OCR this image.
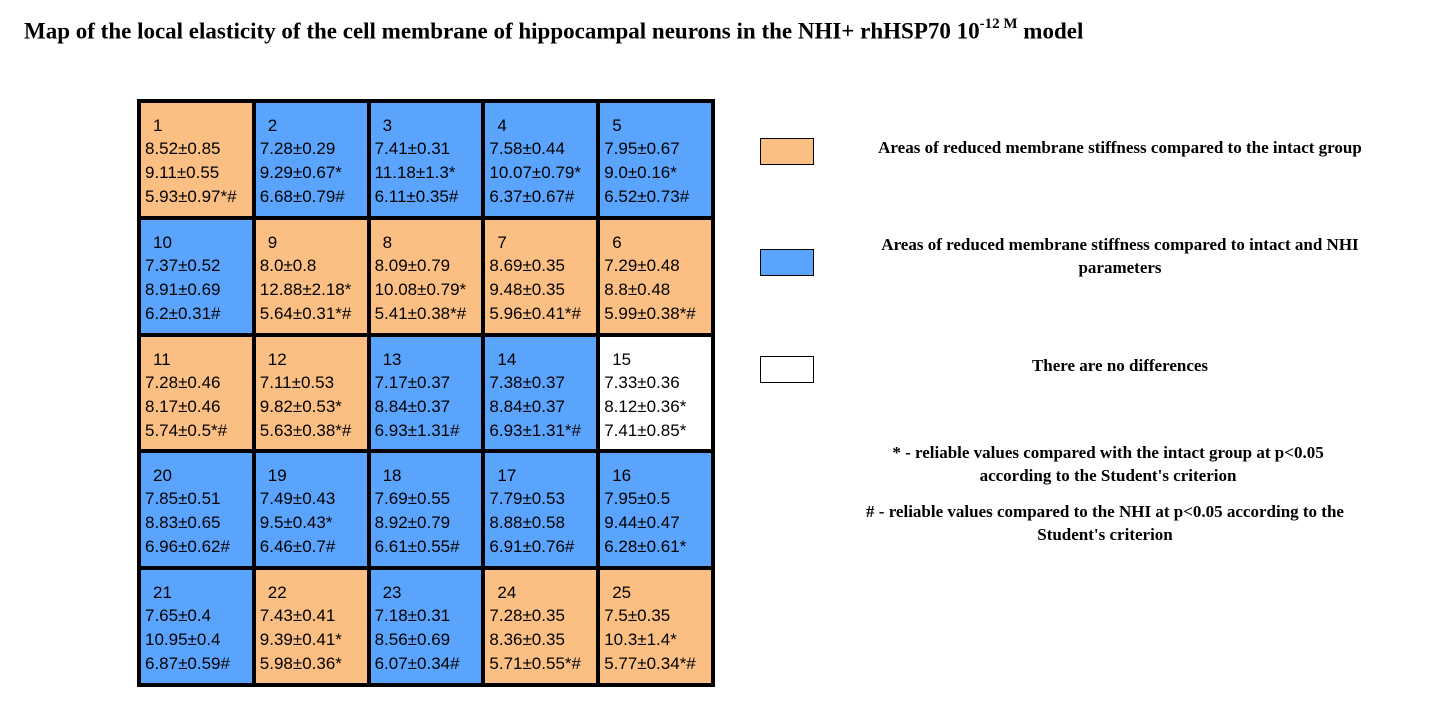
Map of the local elasticity of the cell membrane of hippocampal neurons in the NHI+ rhHSP70 $10^{-12 M}$ model
1
8.52±0.85
9.11±0.55
5.93±0.97*#
2
7.28±0.29
9.29±0.67*
6.68±0.79#
3
7.41±0.31
11.18±1.3*
6.11±0.35#
4
7.58±0.44
10.07±0.79*
6.37±0.67#
5
7.95±0.67
9.0±0.16*
6.52±0.73#
10
7.37±0.52
8.91±0.69
6.2±0.31#
9
8.0±0.8
12.88±2.18*
5.64±0.31*#
8
8.09±0.79
10.08±0.79*
5.41±0.38*#
7
8.69±0.35
9.48±0.35
5.96±0.41*#
6
7.29±0.48
8.8±0.48
5.99±0.38*#
11
7.28±0.46
8.17±0.46
5.74±0.5*#
12
7.11±0.53
9.82±0.53*
5.63±0.38*#
13
7.17±0.37
8.84±0.37
6.93±1.31#
14
7.38±0.37
8.84±0.37
6.93±1.31*#
15
7.33±0.36
8.12±0.36*
7.41±0.85*
20
7.85±0.51
8.83±0.65
6.96±0.62#
19
7.49±0.43
9.5±0.43*
6.46±0.7#
18
7.69±0.55
8.92±0.79
6.61±0.55#
17
7.79±0.53
8.88±0.58
6.91±0.76#
16
7.95±0.5
9.44±0.47
6.28±0.61*
21
7.65±0.4
10.95±0.4
6.87±0.59#
22
7.43±0.41
9.39±0.41*
5.98±0.36*
23
7.18±0.31
8.56±0.69
6.07±0.34#
24
7.28±0.35
8.36±0.35
5.71±0.55*#
25
7.5±0.35
10.3±1.4*
5.77±0.34*#
Areas of reduced membrane stiffness compared to the intact group
Areas of reduced membrane stiffness compared to intact and NHI parameters
There are no differences
* - reliable values compared with the intact group at p<0.05 according to the Student's criterion
# - reliable values compared to the NHI at p<0.05 according to the Student's criterion
